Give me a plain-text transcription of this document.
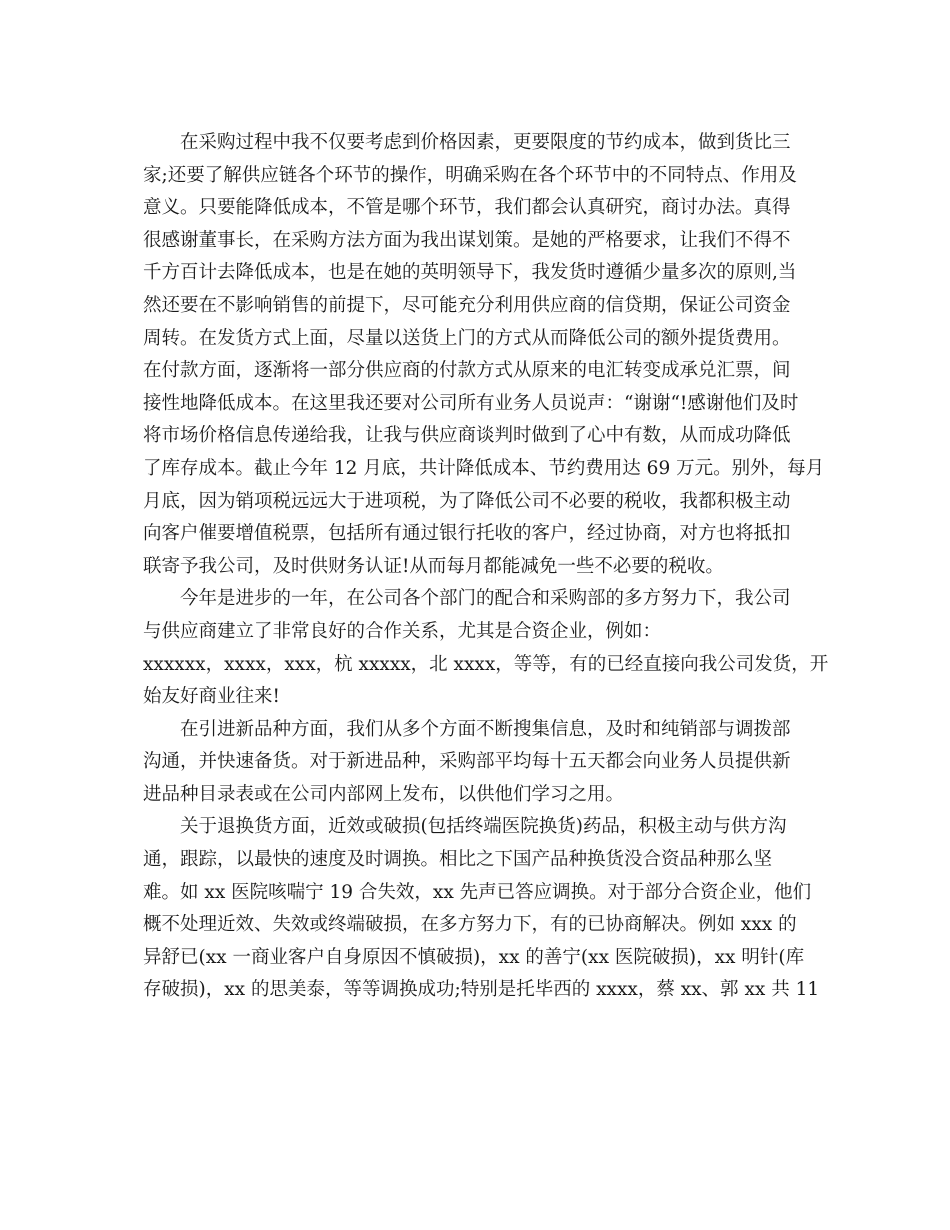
在采购过程中我不仅要考虑到价格因素，更要限度的节约成本，做到货比三
家;还要了解供应链各个环节的操作，明确采购在各个环节中的不同特点、作用及
意义。只要能降低成本，不管是哪个环节，我们都会认真研究，商讨办法。真得
很感谢董事长，在采购方法方面为我出谋划策。是她的严格要求，让我们不得不
千方百计去降低成本，也是在她的英明领导下，我发货时遵循少量多次的原则,当
然还要在不影响销售的前提下，尽可能充分利用供应商的信贷期，保证公司资金
周转。在发货方式上面，尽量以送货上门的方式从而降低公司的额外提货费用。
在付款方面，逐渐将一部分供应商的付款方式从原来的电汇转变成承兑汇票，间
接性地降低成本。在这里我还要对公司所有业务人员说声：“谢谢“!感谢他们及时
将市场价格信息传递给我，让我与供应商谈判时做到了心中有数，从而成功降低
了库存成本。截止今年 12 月底，共计降低成本、节约费用达 69 万元。别外，每月
月底，因为销项税远远大于进项税，为了降低公司不必要的税收，我都积极主动
向客户催要增值税票，包括所有通过银行托收的客户，经过协商，对方也将抵扣
联寄予我公司，及时供财务认证!从而每月都能减免一些不必要的税收。
今年是进步的一年，在公司各个部门的配合和采购部的多方努力下，我公司
与供应商建立了非常良好的合作关系，尤其是合资企业，例如：
xxxxxx，xxxx，xxx，杭 xxxxx，北 xxxx，等等，有的已经直接向我公司发货，开
始友好商业往来!
在引进新品种方面，我们从多个方面不断搜集信息，及时和纯销部与调拨部
沟通，并快速备货。对于新进品种，采购部平均每十五天都会向业务人员提供新
进品种目录表或在公司内部网上发布，以供他们学习之用。
关于退换货方面，近效或破损(包括终端医院换货)药品，积极主动与供方沟
通，跟踪，以最快的速度及时调换。相比之下国产品种换货没合资品种那么坚
难。如 xx 医院咳喘宁 19 合失效，xx 先声已答应调换。对于部分合资企业，他们
概不处理近效、失效或终端破损，在多方努力下，有的已协商解决。例如 xxx 的
异舒已(xx 一商业客户自身原因不慎破损)，xx 的善宁(xx 医院破损)，xx 明针(库
存破损)，xx 的思美泰，等等调换成功;特别是托毕西的 xxxx，蔡 xx、郭 xx 共 11
